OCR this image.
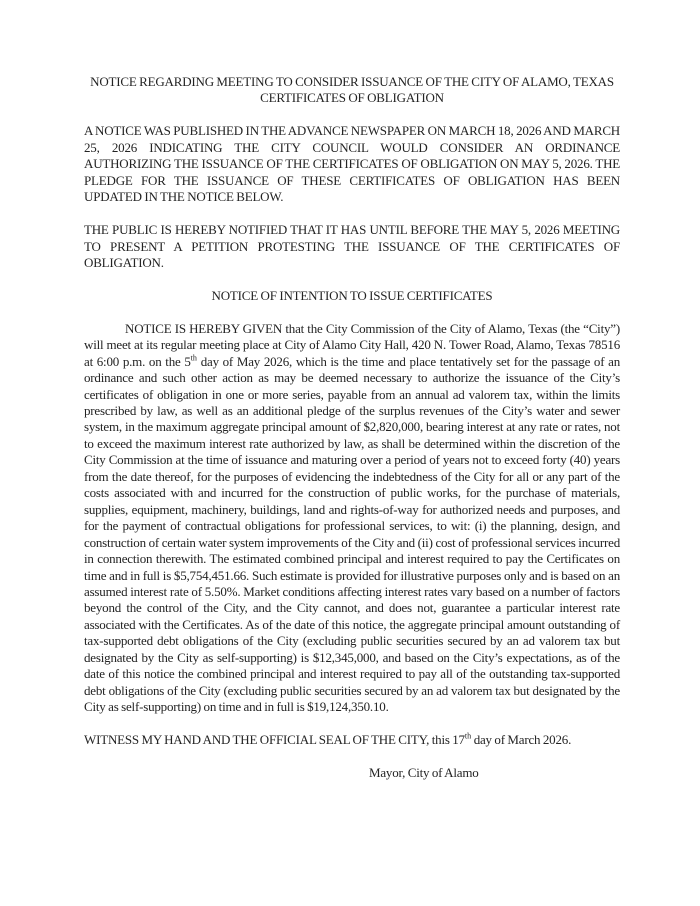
NOTICE REGARDING MEETING TO CONSIDER ISSUANCE OF THE CITY OF ALAMO, TEXAS
CERTIFICATES OF OBLIGATION

A NOTICE WAS PUBLISHED IN THE ADVANCE NEWSPAPER ON MARCH 18, 2026 AND MARCH 25, 2026 INDICATING THE CITY COUNCIL WOULD CONSIDER AN ORDINANCE AUTHORIZING THE ISSUANCE OF THE CERTIFICATES OF OBLIGATION ON MAY 5, 2026. THE PLEDGE FOR THE ISSUANCE OF THESE CERTIFICATES OF OBLIGATION HAS BEEN UPDATED IN THE NOTICE BELOW.

THE PUBLIC IS HEREBY NOTIFIED THAT IT HAS UNTIL BEFORE THE MAY 5, 2026 MEETING TO PRESENT A PETITION PROTESTING THE ISSUANCE OF THE CERTIFICATES OF OBLIGATION.

NOTICE OF INTENTION TO ISSUE CERTIFICATES

NOTICE IS HEREBY GIVEN that the City Commission of the City of Alamo, Texas (the “City”) will meet at its regular meeting place at City of Alamo City Hall, 420 N. Tower Road, Alamo, Texas 78516 at 6:00 p.m. on the 5th day of May 2026, which is the time and place tentatively set for the passage of an ordinance and such other action as may be deemed necessary to authorize the issuance of the City’s certificates of obligation in one or more series, payable from an annual ad valorem tax, within the limits prescribed by law, as well as an additional pledge of the surplus revenues of the City’s water and sewer system, in the maximum aggregate principal amount of $2,820,000, bearing interest at any rate or rates, not to exceed the maximum interest rate authorized by law, as shall be determined within the discretion of the City Commission at the time of issuance and maturing over a period of years not to exceed forty (40) years from the date thereof, for the purposes of evidencing the indebtedness of the City for all or any part of the costs associated with and incurred for the construction of public works, for the purchase of materials, supplies, equipment, machinery, buildings, land and rights-of-way for authorized needs and purposes, and for the payment of contractual obligations for professional services, to wit: (i) the planning, design, and construction of certain water system improvements of the City and (ii) cost of professional services incurred in connection therewith. The estimated combined principal and interest required to pay the Certificates on time and in full is $5,754,451.66. Such estimate is provided for illustrative purposes only and is based on an assumed interest rate of 5.50%. Market conditions affecting interest rates vary based on a number of factors beyond the control of the City, and the City cannot, and does not, guarantee a particular interest rate associated with the Certificates. As of the date of this notice, the aggregate principal amount outstanding of tax-supported debt obligations of the City (excluding public securities secured by an ad valorem tax but designated by the City as self-supporting) is $12,345,000, and based on the City’s expectations, as of the date of this notice the combined principal and interest required to pay all of the outstanding tax-supported debt obligations of the City (excluding public securities secured by an ad valorem tax but designated by the City as self-supporting) on time and in full is $19,124,350.10.

WITNESS MY HAND AND THE OFFICIAL SEAL OF THE CITY, this 17th day of March 2026.

Mayor, City of Alamo
